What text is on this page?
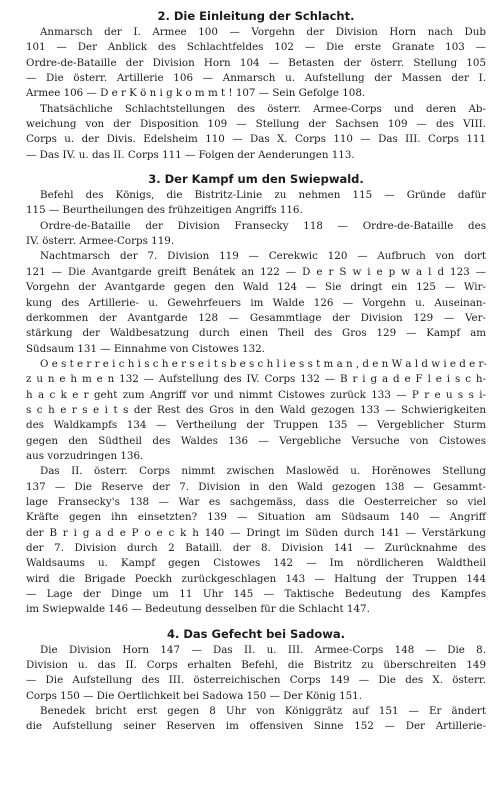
2. Die Einleitung der Schlacht.

Anmarsch der I. Armee 100 — Vorgehn der Division Horn nach Dub
101 — Der Anblick des Schlachtfeldes 102 — Die erste Granate 103 —
Ordre-de-Bataille der Division Horn 104 — Betasten der österr. Stellung 105
— Die österr. Artillerie 106 — Anmarsch u. Aufstellung der Massen der I.
Armee 106 — D e r K ö n i g k o m m t ! 107 — Sein Gefolge 108.

Thatsächliche Schlachtstellungen des österr. Armee-Corps und deren Ab-
weichung von der Disposition 109 — Stellung der Sachsen 109 — des VIII.
Corps u. der Divis. Edelsheim 110 — Das X. Corps 110 — Das III. Corps 111
— Das IV. u. das II. Corps 111 — Folgen der Aenderungen 113.

3. Der Kampf um den Swiepwald.

Befehl des Königs, die Bistritz-Linie zu nehmen 115 — Gründe dafür
115 — Beurtheilungen des frühzeitigen Angriffs 116.

Ordre-de-Bataille der Division Fransecky 118 — Ordre-de-Bataille des
IV. österr. Armee-Corps 119.

Nachtmarsch der 7. Division 119 — Cerekwic 120 — Aufbruch von dort
121 — Die Avantgarde greift Benátek an 122 — D e r S w i e p w a l d 123 —
Vorgehn der Avantgarde gegen den Wald 124 — Sie dringt ein 125 — Wir-
kung des Artillerie- u. Gewehrfeuers im Walde 126 — Vorgehn u. Auseinan-
derkommen der Avantgarde 128 — Gesammtlage der Division 129 — Ver-
stärkung der Waldbesatzung durch einen Theil des Gros 129 — Kampf am
Südsaum 131 — Einnahme von Cistowes 132.

O e s t e r r e i c h i s c h e r s e i t s b e s c h l i e s s t m a n , d e n W a l d w i e d e r-
z u n e h m e n 132 — Aufstellung des IV. Corps 132 — B r i g a d e F l e i s c h-
h a c k e r geht zum Angriff vor und nimmt Cistowes zurück 133 — P r e u s s i-
s c h e r s e i t s der Rest des Gros in den Wald gezogen 133 — Schwierigkeiten
des Waldkampfs 134 — Vertheilung der Truppen 135 — Vergeblicher Sturm
gegen den Südtheil des Waldes 136 — Vergebliche Versuche von Cistowes
aus vorzudringen 136.

Das II. österr. Corps nimmt zwischen Maslowĕd u. Horĕnowes Stellung
137 — Die Reserve der 7. Division in den Wald gezogen 138 — Gesammt-
lage Fransecky's 138 — War es sachgemäss, dass die Oesterreicher so viel
Kräfte gegen ihn einsetzten? 139 — Situation am Südsaum 140 — Angriff
der B r i g a d e P o e c k h 140 — Dringt im Süden durch 141 — Verstärkung
der 7. Division durch 2 Bataill. der 8. Division 141 — Zurücknahme des
Waldsaums u. Kampf gegen Cistowes 142 — Im nördlicheren Waldtheil
wird die Brigade Poeckh zurückgeschlagen 143 — Haltung der Truppen 144
— Lage der Dinge um 11 Uhr 145 — Taktische Bedeutung des Kampfes
im Swiepwalde 146 — Bedeutung desselben für die Schlacht 147.

4. Das Gefecht bei Sadowa.

Die Division Horn 147 — Das II. u. III. Armee-Corps 148 — Die 8.
Division u. das II. Corps erhalten Befehl, die Bistritz zu überschreiten 149
— Die Aufstellung des III. österreichischen Corps 149 — Die des X. österr.
Corps 150 — Die Oertlichkeit bei Sadowa 150 — Der König 151.

Benedek bricht erst gegen 8 Uhr von Königgrätz auf 151 — Er ändert
die Aufstellung seiner Reserven im offensiven Sinne 152 — Der Artillerie-
